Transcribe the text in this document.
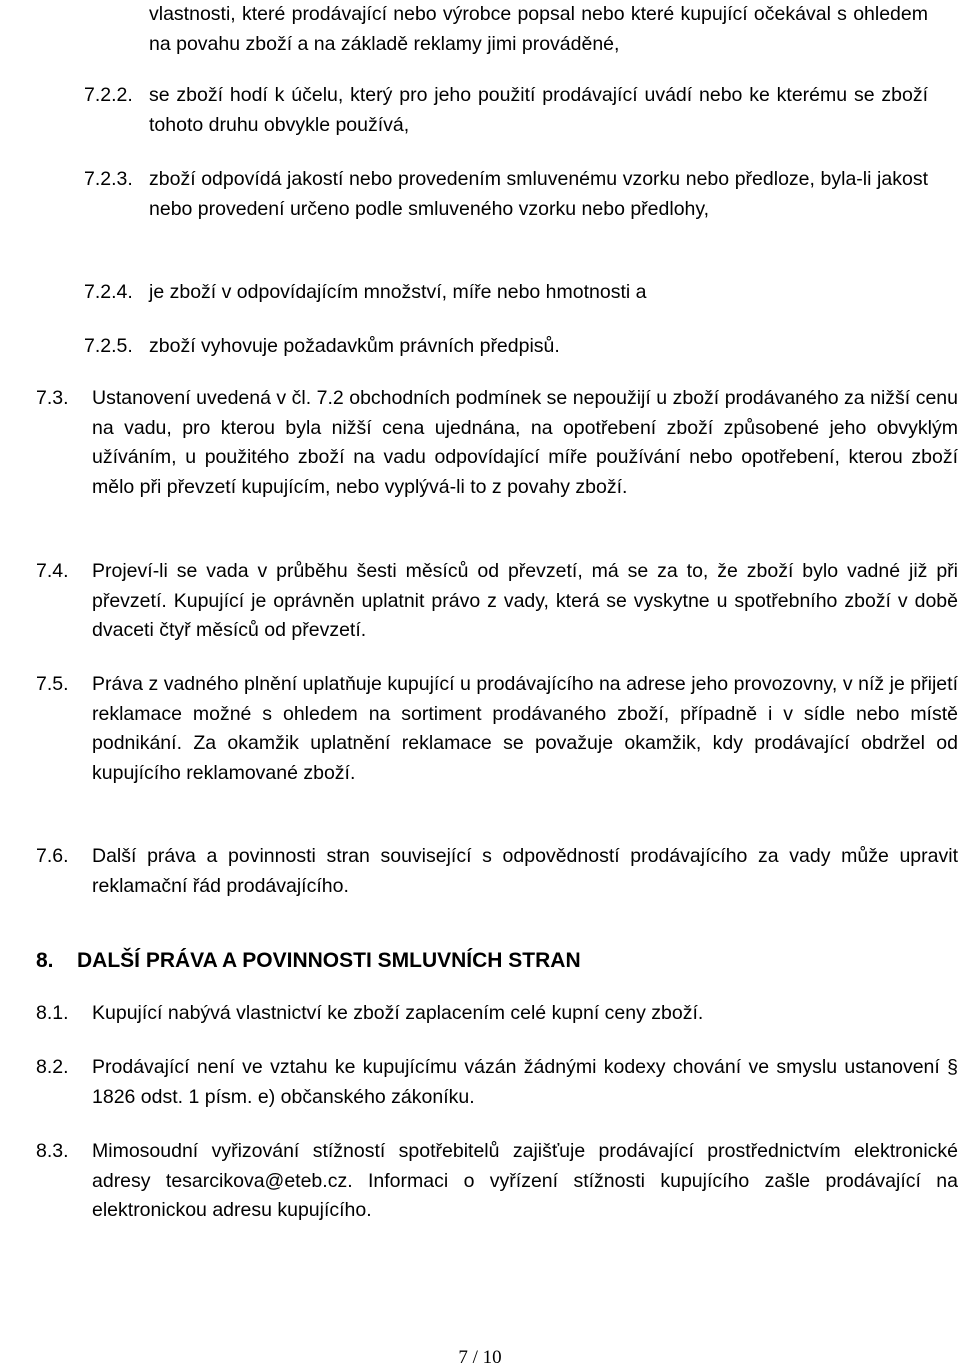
vlastnosti, které prodávající nebo výrobce popsal nebo které kupující očekával s ohledem na povahu zboží a na základě reklamy jimi prováděné,
7.2.2. se zboží hodí k účelu, který pro jeho použití prodávající uvádí nebo ke kterému se zboží tohoto druhu obvykle používá,
7.2.3. zboží odpovídá jakostí nebo provedením smluvenému vzorku nebo předloze, byla-li jakost nebo provedení určeno podle smluveného vzorku nebo předlohy,
7.2.4. je zboží v odpovídajícím množství, míře nebo hmotnosti a
7.2.5. zboží vyhovuje požadavkům právních předpisů.
7.3.	Ustanovení uvedená v čl. 7.2 obchodních podmínek se nepoužijí u zboží prodávaného za nižší cenu na vadu, pro kterou byla nižší cena ujednána, na opotřebení zboží způsobené jeho obvyklým užíváním, u použitého zboží na vadu odpovídající míře používání nebo opotřebení, kterou zboží mělo při převzetí kupujícím, nebo vyplývá-li to z povahy zboží.
7.4.	Projeví-li se vada v průběhu šesti měsíců od převzetí, má se za to, že zboží bylo vadné již při převzetí. Kupující je oprávněn uplatnit právo z vady, která se vyskytne u spotřebního zboží v době dvaceti čtyř měsíců od převzetí.
7.5.	Práva z vadného plnění uplatňuje kupující u prodávajícího na adrese jeho provozovny, v níž je přijetí reklamace možné s ohledem na sortiment prodávaného zboží, případně i v sídle nebo místě podnikání. Za okamžik uplatnění reklamace se považuje okamžik, kdy prodávající obdržel od kupujícího reklamované zboží.
7.6.	Další práva a povinnosti stran související s odpovědností prodávajícího za vady může upravit reklamační řád prodávajícího.
8. DALŠÍ PRÁVA A POVINNOSTI SMLUVNÍCH STRAN
8.1.	Kupující nabývá vlastnictví ke zboží zaplacením celé kupní ceny zboží.
8.2.	Prodávající není ve vztahu ke kupujícímu vázán žádnými kodexy chování ve smyslu ustanovení § 1826 odst. 1 písm. e) občanského zákoníku.
8.3.	Mimosoudní vyřizování stížností spotřebitelů zajišťuje prodávající prostřednictvím elektronické adresy tesarcikova@eteb.cz. Informaci o vyřízení stížnosti kupujícího zašle prodávající na elektronickou adresu kupujícího.
7 / 10
